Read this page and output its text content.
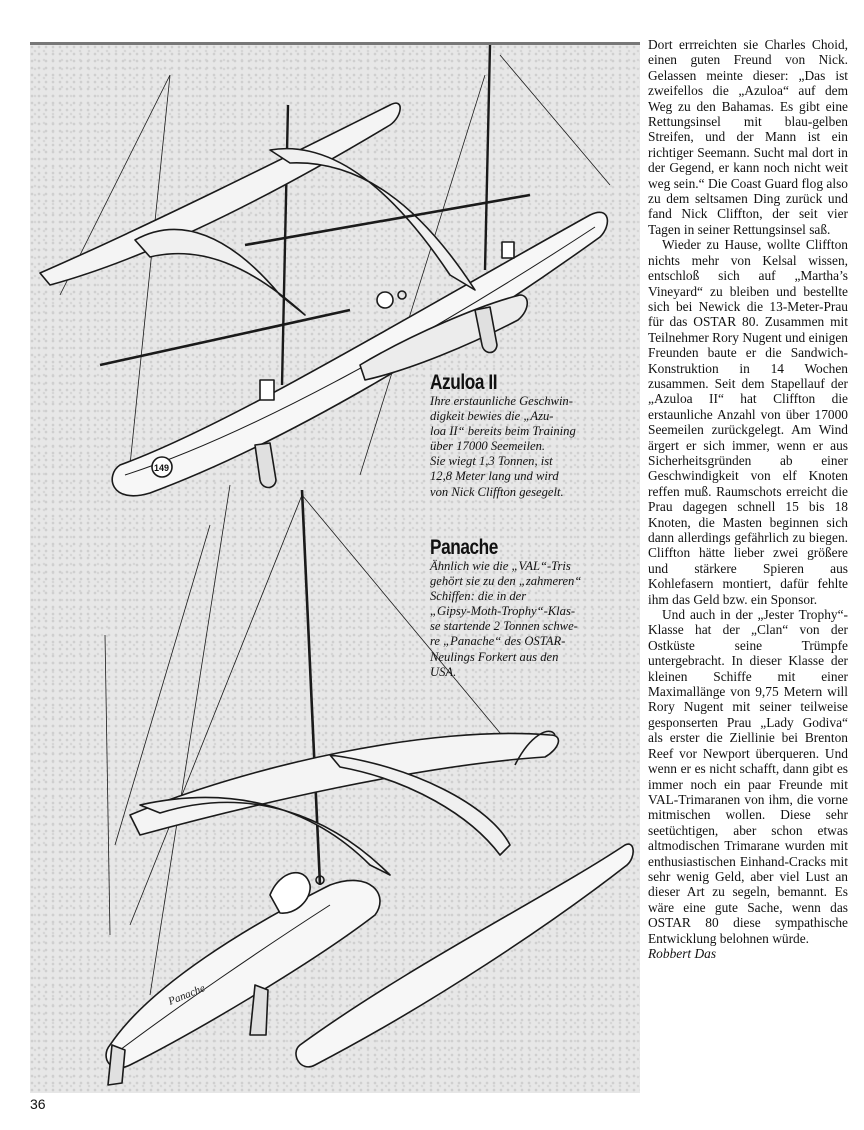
149
Panache
Azuloa II

Ihre erstaunliche Geschwin-
digkeit bewies die „Azu-
loa II“ bereits beim Training
über 17000 Seemeilen.
Sie wiegt 1,3 Tonnen, ist
12,8 Meter lang und wird
von Nick Cliffton gesegelt.

Panache

Ähnlich wie die „VAL“-Tris
gehört sie zu den „zahmeren“
Schiffen: die in der
„Gipsy-Moth-Trophy“-Klas-
se startende 2 Tonnen schwe-
re „Panache“ des OSTAR-
Neulings Forkert aus den
USA.

Dort errreichten sie Charles Choid, einen guten Freund von Nick. Gelassen meinte dieser: „Das ist zweifellos die „Azuloa“ auf dem Weg zu den Bahamas. Es gibt eine Rettungsinsel mit blau-gelben Streifen, und der Mann ist ein richtiger Seemann. Sucht mal dort in der Gegend, er kann noch nicht weit weg sein.“ Die Coast Guard flog also zu dem seltsamen Ding zurück und fand Nick Cliffton, der seit vier Tagen in seiner Rettungsinsel saß.

Wieder zu Hause, wollte Cliffton nichts mehr von Kelsal wissen, entschloß sich auf „Martha’s Vineyard“ zu bleiben und bestellte sich bei Newick die 13-Meter-Prau für das OSTAR 80. Zusammen mit Teilnehmer Rory Nugent und einigen Freunden baute er die Sandwich-Konstruktion in 14 Wochen zusammen. Seit dem Stapellauf der „Azuloa II“ hat Cliffton die erstaunliche Anzahl von über 17000 Seemeilen zurückgelegt. Am Wind ärgert er sich immer, wenn er aus Sicherheitsgründen ab einer Geschwindigkeit von elf Knoten reffen muß. Raumschots erreicht die Prau dagegen schnell 15 bis 18 Knoten, die Masten beginnen sich dann allerdings gefährlich zu biegen. Cliffton hätte lieber zwei größere und stärkere Spieren aus Kohlefasern montiert, dafür fehlte ihm das Geld bzw. ein Sponsor.

Und auch in der „Jester Trophy“-Klasse hat der „Clan“ von der Ostküste seine Trümpfe untergebracht. In dieser Klasse der kleinen Schiffe mit einer Maximallänge von 9,75 Metern will Rory Nugent mit seiner teilweise gesponserten Prau „Lady Godiva“ als erster die Ziellinie bei Brenton Reef vor Newport überqueren. Und wenn er es nicht schafft, dann gibt es immer noch ein paar Freunde mit VAL-Trimaranen von ihm, die vorne mitmischen wollen. Diese sehr seetüchtigen, aber schon etwas altmodischen Trimarane wurden mit enthusiastischen Einhand-Cracks mit sehr wenig Geld, aber viel Lust an dieser Art zu segeln, bemannt. Es wäre eine gute Sache, wenn das OSTAR 80 diese sympathische Entwicklung belohnen würde.

Robbert Das

36
